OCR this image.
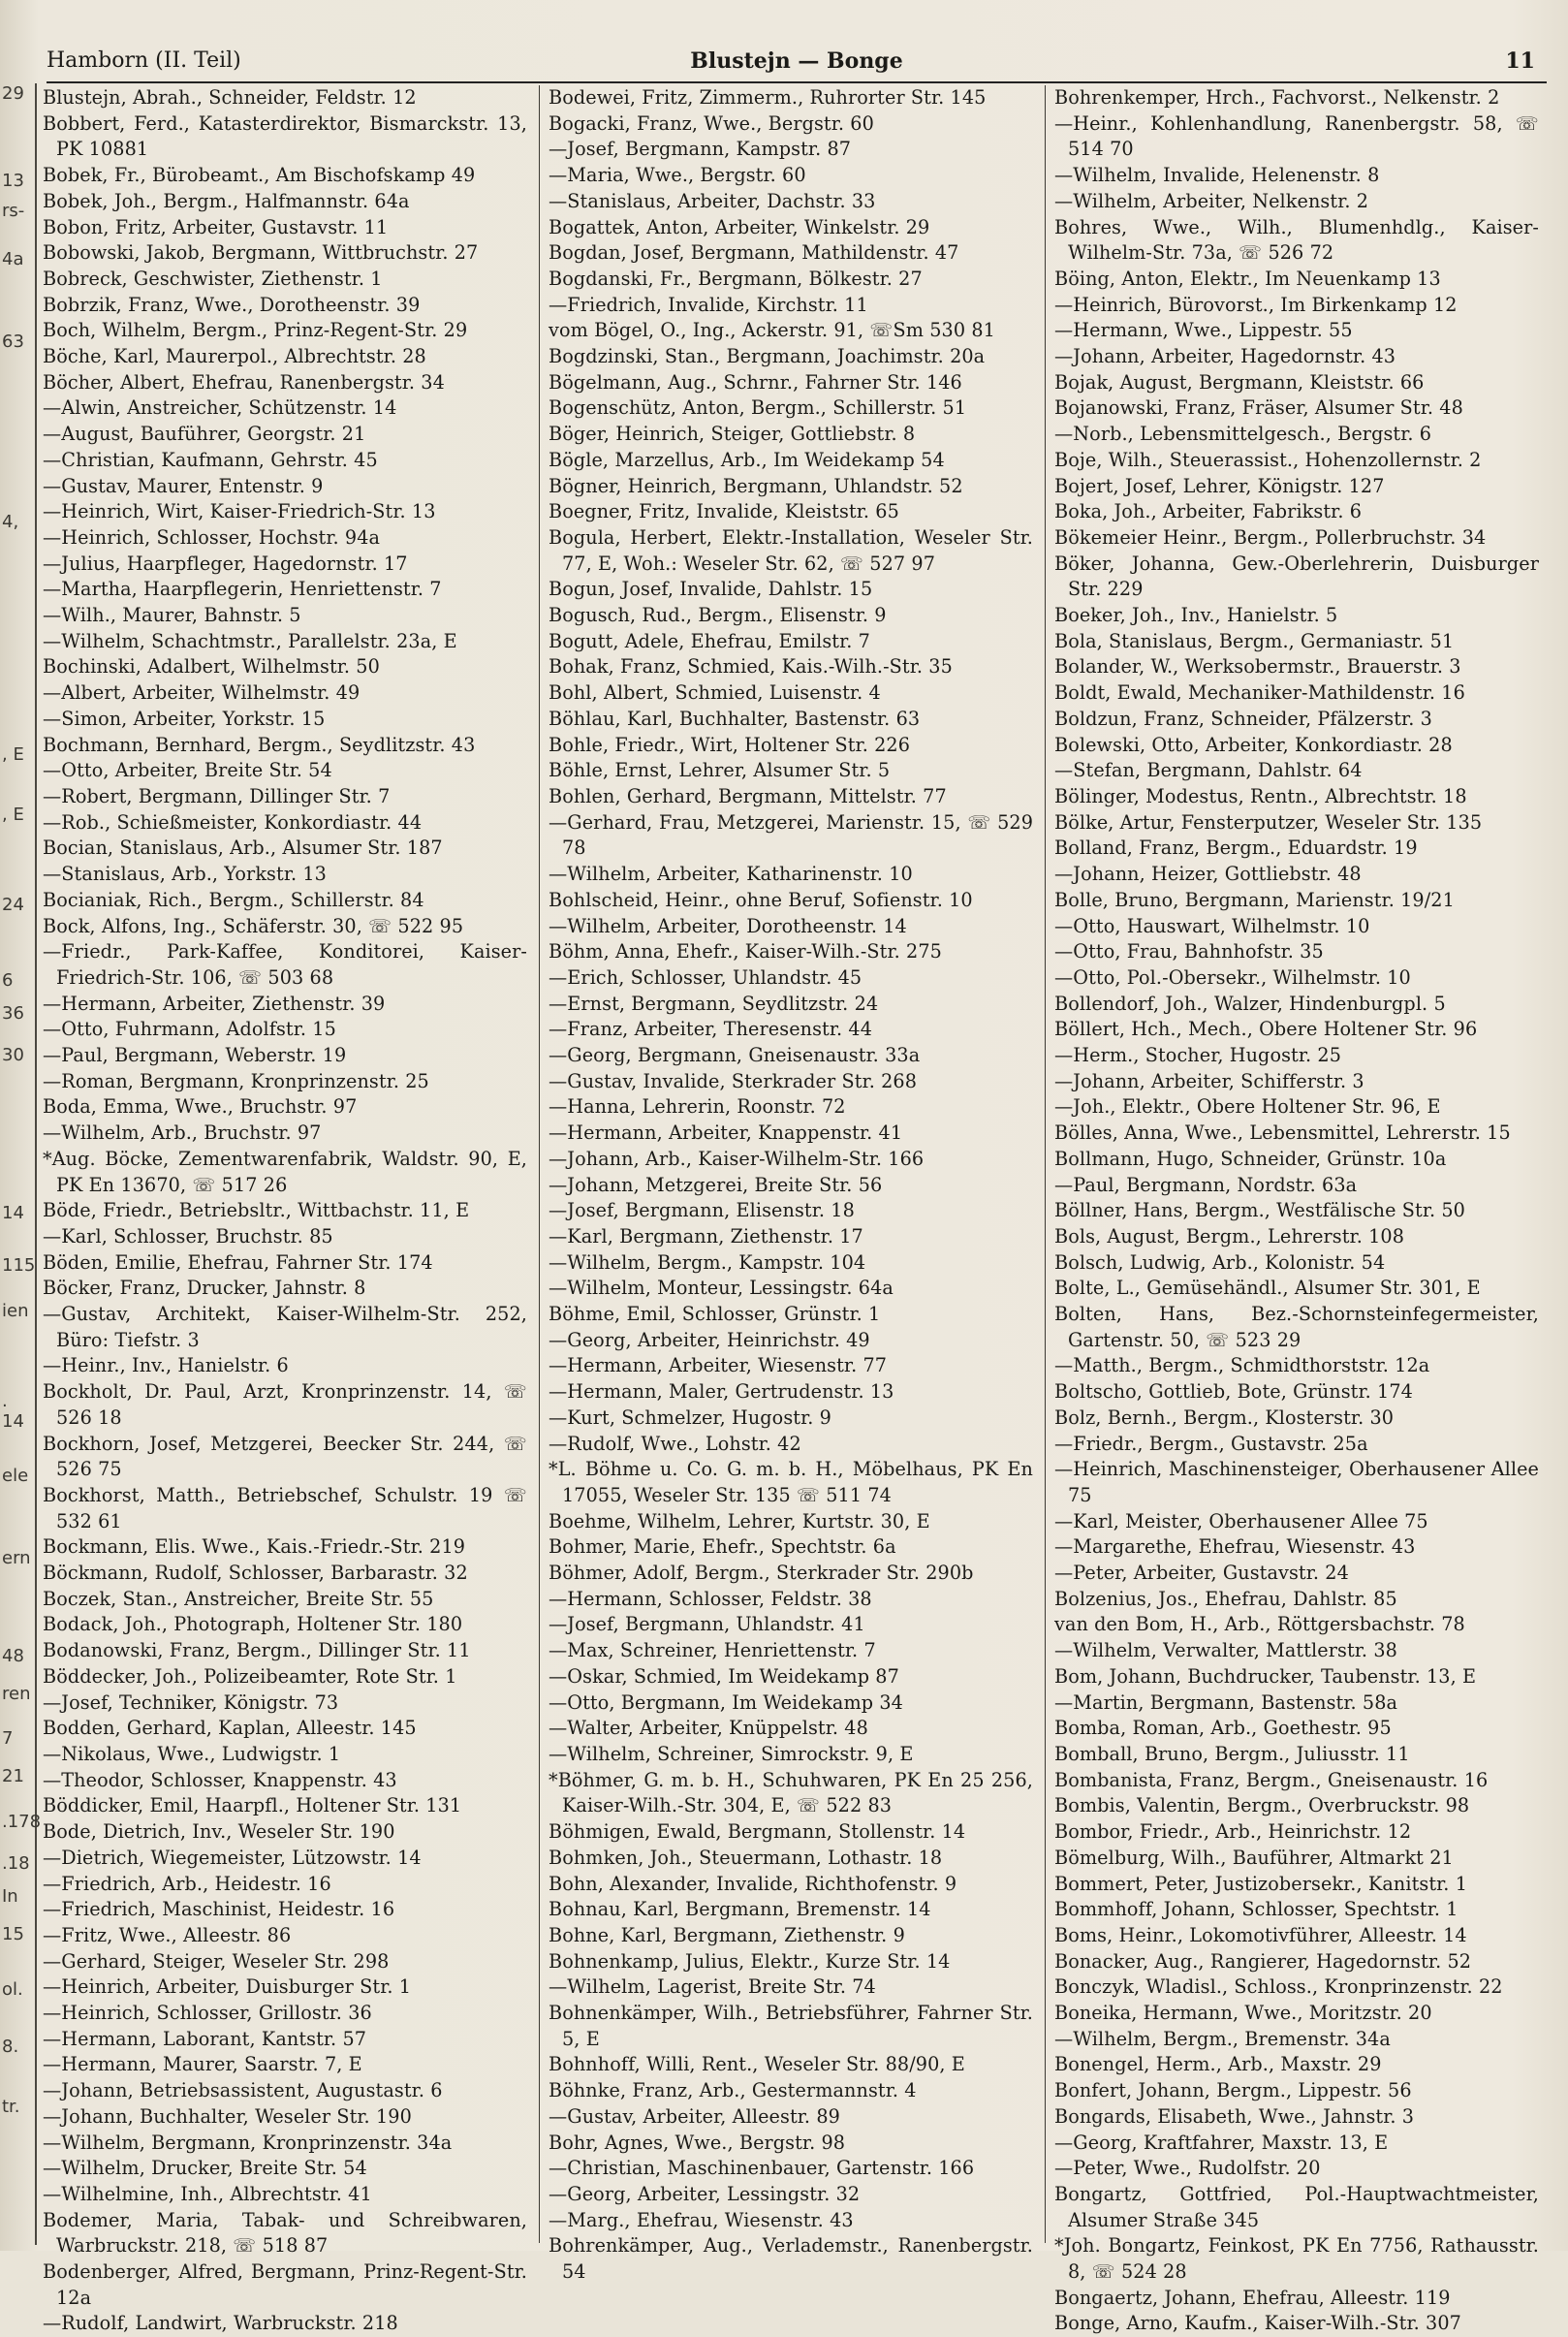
29
13
rs-
4a
63
4,
, E
, E
24
6
36
30
14
115
ien
. 14
ele
ern
48
ren
7
21
.178
.18
In
15
ol.
8.
tr.
Hamborn (II. Teil)	Blustejn — Bonge	11
Blustejn, Abrah., Schneider, Feldstr. 12
Bobbert, Ferd., Katasterdirektor, Bismarckstr. 13, PK 10881
Bobek, Fr., Bürobeamt., Am Bischofskamp 49
Bobek, Joh., Bergm., Halfmannstr. 64a
Bobon, Fritz, Arbeiter, Gustavstr. 11
Bobowski, Jakob, Bergmann, Wittbruchstr. 27
Bobreck, Geschwister, Ziethenstr. 1
Bobrzik, Franz, Wwe., Dorotheenstr. 39
Boch, Wilhelm, Bergm., Prinz-Regent-Str. 29
Böche, Karl, Maurerpol., Albrechtstr. 28
Böcher, Albert, Ehefrau, Ranenbergstr. 34
—Alwin, Anstreicher, Schützenstr. 14
—August, Bauführer, Georgstr. 21
—Christian, Kaufmann, Gehrstr. 45
—Gustav, Maurer, Entenstr. 9
—Heinrich, Wirt, Kaiser-Friedrich-Str. 13
—Heinrich, Schlosser, Hochstr. 94a
—Julius, Haarpfleger, Hagedornstr. 17
—Martha, Haarpflegerin, Henriettenstr. 7
—Wilh., Maurer, Bahnstr. 5
—Wilhelm, Schachtmstr., Parallelstr. 23a, E
Bochinski, Adalbert, Wilhelmstr. 50
—Albert, Arbeiter, Wilhelmstr. 49
—Simon, Arbeiter, Yorkstr. 15
Bochmann, Bernhard, Bergm., Seydlitzstr. 43
—Otto, Arbeiter, Breite Str. 54
—Robert, Bergmann, Dillinger Str. 7
—Rob., Schießmeister, Konkordiastr. 44
Bocian, Stanislaus, Arb., Alsumer Str. 187
—Stanislaus, Arb., Yorkstr. 13
Bocianiak, Rich., Bergm., Schillerstr. 84
Bock, Alfons, Ing., Schäferstr. 30, ☏ 522 95
—Friedr., Park-Kaffee, Konditorei, Kaiser-Friedrich-Str. 106, ☏ 503 68
—Hermann, Arbeiter, Ziethenstr. 39
—Otto, Fuhrmann, Adolfstr. 15
—Paul, Bergmann, Weberstr. 19
—Roman, Bergmann, Kronprinzenstr. 25
Boda, Emma, Wwe., Bruchstr. 97
—Wilhelm, Arb., Bruchstr. 97
*Aug. Böcke, Zementwarenfabrik, Waldstr. 90, E, PK En 13670, ☏ 517 26
Böde, Friedr., Betriebsltr., Wittbachstr. 11, E
—Karl, Schlosser, Bruchstr. 85
Böden, Emilie, Ehefrau, Fahrner Str. 174
Böcker, Franz, Drucker, Jahnstr. 8
—Gustav, Architekt, Kaiser-Wilhelm-Str. 252, Büro: Tiefstr. 3
—Heinr., Inv., Hanielstr. 6
Bockholt, Dr. Paul, Arzt, Kronprinzenstr. 14, ☏ 526 18
Bockhorn, Josef, Metzgerei, Beecker Str. 244, ☏ 526 75
Bockhorst, Matth., Betriebschef, Schulstr. 19 ☏ 532 61
Bockmann, Elis. Wwe., Kais.-Friedr.-Str. 219
Böckmann, Rudolf, Schlosser, Barbarastr. 32
Boczek, Stan., Anstreicher, Breite Str. 55
Bodack, Joh., Photograph, Holtener Str. 180
Bodanowski, Franz, Bergm., Dillinger Str. 11
Böddecker, Joh., Polizeibeamter, Rote Str. 1
—Josef, Techniker, Königstr. 73
Bodden, Gerhard, Kaplan, Alleestr. 145
—Nikolaus, Wwe., Ludwigstr. 1
—Theodor, Schlosser, Knappenstr. 43
Böddicker, Emil, Haarpfl., Holtener Str. 131
Bode, Dietrich, Inv., Weseler Str. 190
—Dietrich, Wiegemeister, Lützowstr. 14
—Friedrich, Arb., Heidestr. 16
—Friedrich, Maschinist, Heidestr. 16
—Fritz, Wwe., Alleestr. 86
—Gerhard, Steiger, Weseler Str. 298
—Heinrich, Arbeiter, Duisburger Str. 1
—Heinrich, Schlosser, Grillostr. 36
—Hermann, Laborant, Kantstr. 57
—Hermann, Maurer, Saarstr. 7, E
—Johann, Betriebsassistent, Augustastr. 6
—Johann, Buchhalter, Weseler Str. 190
—Wilhelm, Bergmann, Kronprinzenstr. 34a
—Wilhelm, Drucker, Breite Str. 54
—Wilhelmine, Inh., Albrechtstr. 41
Bodemer, Maria, Tabak- und Schreibwaren, Warbruckstr. 218, ☏ 518 87
Bodenberger, Alfred, Bergmann, Prinz-Regent-Str. 12a
—Rudolf, Landwirt, Warbruckstr. 218
Bodewei, Fritz, Zimmerm., Ruhrorter Str. 145
Bogacki, Franz, Wwe., Bergstr. 60
—Josef, Bergmann, Kampstr. 87
—Maria, Wwe., Bergstr. 60
—Stanislaus, Arbeiter, Dachstr. 33
Bogattek, Anton, Arbeiter, Winkelstr. 29
Bogdan, Josef, Bergmann, Mathildenstr. 47
Bogdanski, Fr., Bergmann, Bölkestr. 27
—Friedrich, Invalide, Kirchstr. 11
vom Bögel, O., Ing., Ackerstr. 91, ☏Sm 530 81
Bogdzinski, Stan., Bergmann, Joachimstr. 20a
Bögelmann, Aug., Schrnr., Fahrner Str. 146
Bogenschütz, Anton, Bergm., Schillerstr. 51
Böger, Heinrich, Steiger, Gottliebstr. 8
Bögle, Marzellus, Arb., Im Weidekamp 54
Bögner, Heinrich, Bergmann, Uhlandstr. 52
Boegner, Fritz, Invalide, Kleiststr. 65
Bogula, Herbert, Elektr.-Installation, Weseler Str. 77, E, Woh.: Weseler Str. 62, ☏ 527 97
Bogun, Josef, Invalide, Dahlstr. 15
Bogusch, Rud., Bergm., Elisenstr. 9
Bogutt, Adele, Ehefrau, Emilstr. 7
Bohak, Franz, Schmied, Kais.-Wilh.-Str. 35
Bohl, Albert, Schmied, Luisenstr. 4
Böhlau, Karl, Buchhalter, Bastenstr. 63
Bohle, Friedr., Wirt, Holtener Str. 226
Böhle, Ernst, Lehrer, Alsumer Str. 5
Bohlen, Gerhard, Bergmann, Mittelstr. 77
—Gerhard, Frau, Metzgerei, Marienstr. 15, ☏ 529 78
—Wilhelm, Arbeiter, Katharinenstr. 10
Bohlscheid, Heinr., ohne Beruf, Sofienstr. 10
—Wilhelm, Arbeiter, Dorotheenstr. 14
Böhm, Anna, Ehefr., Kaiser-Wilh.-Str. 275
—Erich, Schlosser, Uhlandstr. 45
—Ernst, Bergmann, Seydlitzstr. 24
—Franz, Arbeiter, Theresenstr. 44
—Georg, Bergmann, Gneisenaustr. 33a
—Gustav, Invalide, Sterkrader Str. 268
—Hanna, Lehrerin, Roonstr. 72
—Hermann, Arbeiter, Knappenstr. 41
—Johann, Arb., Kaiser-Wilhelm-Str. 166
—Johann, Metzgerei, Breite Str. 56
—Josef, Bergmann, Elisenstr. 18
—Karl, Bergmann, Ziethenstr. 17
—Wilhelm, Bergm., Kampstr. 104
—Wilhelm, Monteur, Lessingstr. 64a
Böhme, Emil, Schlosser, Grünstr. 1
—Georg, Arbeiter, Heinrichstr. 49
—Hermann, Arbeiter, Wiesenstr. 77
—Hermann, Maler, Gertrudenstr. 13
—Kurt, Schmelzer, Hugostr. 9
—Rudolf, Wwe., Lohstr. 42
*L. Böhme u. Co. G. m. b. H., Möbelhaus, PK En 17055, Weseler Str. 135 ☏ 511 74
Boehme, Wilhelm, Lehrer, Kurtstr. 30, E
Bohmer, Marie, Ehefr., Spechtstr. 6a
Böhmer, Adolf, Bergm., Sterkrader Str. 290b
—Hermann, Schlosser, Feldstr. 38
—Josef, Bergmann, Uhlandstr. 41
—Max, Schreiner, Henriettenstr. 7
—Oskar, Schmied, Im Weidekamp 87
—Otto, Bergmann, Im Weidekamp 34
—Walter, Arbeiter, Knüppelstr. 48
—Wilhelm, Schreiner, Simrockstr. 9, E
*Böhmer, G. m. b. H., Schuhwaren, PK En 25 256, Kaiser-Wilh.-Str. 304, E, ☏ 522 83
Böhmigen, Ewald, Bergmann, Stollenstr. 14
Bohmken, Joh., Steuermann, Lothastr. 18
Bohn, Alexander, Invalide, Richthofenstr. 9
Bohnau, Karl, Bergmann, Bremenstr. 14
Bohne, Karl, Bergmann, Ziethenstr. 9
Bohnenkamp, Julius, Elektr., Kurze Str. 14
—Wilhelm, Lagerist, Breite Str. 74
Bohnenkämper, Wilh., Betriebsführer, Fahrner Str. 5, E
Bohnhoff, Willi, Rent., Weseler Str. 88/90, E
Böhnke, Franz, Arb., Gestermannstr. 4
—Gustav, Arbeiter, Alleestr. 89
Bohr, Agnes, Wwe., Bergstr. 98
—Christian, Maschinenbauer, Gartenstr. 166
—Georg, Arbeiter, Lessingstr. 32
—Marg., Ehefrau, Wiesenstr. 43
Bohrenkämper, Aug., Verlademstr., Ranenbergstr. 54
Bohrenkemper, Hrch., Fachvorst., Nelkenstr. 2
—Heinr., Kohlenhandlung, Ranenbergstr. 58, ☏ 514 70
—Wilhelm, Invalide, Helenenstr. 8
—Wilhelm, Arbeiter, Nelkenstr. 2
Bohres, Wwe., Wilh., Blumenhdlg., Kaiser-Wilhelm-Str. 73a, ☏ 526 72
Böing, Anton, Elektr., Im Neuenkamp 13
—Heinrich, Bürovorst., Im Birkenkamp 12
—Hermann, Wwe., Lippestr. 55
—Johann, Arbeiter, Hagedornstr. 43
Bojak, August, Bergmann, Kleiststr. 66
Bojanowski, Franz, Fräser, Alsumer Str. 48
—Norb., Lebensmittelgesch., Bergstr. 6
Boje, Wilh., Steuerassist., Hohenzollernstr. 2
Bojert, Josef, Lehrer, Königstr. 127
Boka, Joh., Arbeiter, Fabrikstr. 6
Bökemeier Heinr., Bergm., Pollerbruchstr. 34
Böker, Johanna, Gew.-Oberlehrerin, Duisburger Str. 229
Boeker, Joh., Inv., Hanielstr. 5
Bola, Stanislaus, Bergm., Germaniastr. 51
Bolander, W., Werksobermstr., Brauerstr. 3
Boldt, Ewald, Mechaniker-Mathildenstr. 16
Boldzun, Franz, Schneider, Pfälzerstr. 3
Bolewski, Otto, Arbeiter, Konkordiastr. 28
—Stefan, Bergmann, Dahlstr. 64
Bölinger, Modestus, Rentn., Albrechtstr. 18
Bölke, Artur, Fensterputzer, Weseler Str. 135
Bolland, Franz, Bergm., Eduardstr. 19
—Johann, Heizer, Gottliebstr. 48
Bolle, Bruno, Bergmann, Marienstr. 19/21
—Otto, Hauswart, Wilhelmstr. 10
—Otto, Frau, Bahnhofstr. 35
—Otto, Pol.-Obersekr., Wilhelmstr. 10
Bollendorf, Joh., Walzer, Hindenburgpl. 5
Böllert, Hch., Mech., Obere Holtener Str. 96
—Herm., Stocher, Hugostr. 25
—Johann, Arbeiter, Schifferstr. 3
—Joh., Elektr., Obere Holtener Str. 96, E
Bölles, Anna, Wwe., Lebensmittel, Lehrerstr. 15
Bollmann, Hugo, Schneider, Grünstr. 10a
—Paul, Bergmann, Nordstr. 63a
Böllner, Hans, Bergm., Westfälische Str. 50
Bols, August, Bergm., Lehrerstr. 108
Bolsch, Ludwig, Arb., Kolonistr. 54
Bolte, L., Gemüsehändl., Alsumer Str. 301, E
Bolten, Hans, Bez.-Schornsteinfegermeister, Gartenstr. 50, ☏ 523 29
—Matth., Bergm., Schmidthorststr. 12a
Boltscho, Gottlieb, Bote, Grünstr. 174
Bolz, Bernh., Bergm., Klosterstr. 30
—Friedr., Bergm., Gustavstr. 25a
—Heinrich, Maschinensteiger, Oberhausener Allee 75
—Karl, Meister, Oberhausener Allee 75
—Margarethe, Ehefrau, Wiesenstr. 43
—Peter, Arbeiter, Gustavstr. 24
Bolzenius, Jos., Ehefrau, Dahlstr. 85
van den Bom, H., Arb., Röttgersbachstr. 78
—Wilhelm, Verwalter, Mattlerstr. 38
Bom, Johann, Buchdrucker, Taubenstr. 13, E
—Martin, Bergmann, Bastenstr. 58a
Bomba, Roman, Arb., Goethestr. 95
Bomball, Bruno, Bergm., Juliusstr. 11
Bombanista, Franz, Bergm., Gneisenaustr. 16
Bombis, Valentin, Bergm., Overbruckstr. 98
Bombor, Friedr., Arb., Heinrichstr. 12
Bömelburg, Wilh., Bauführer, Altmarkt 21
Bommert, Peter, Justizobersekr., Kanitstr. 1
Bommhoff, Johann, Schlosser, Spechtstr. 1
Boms, Heinr., Lokomotivführer, Alleestr. 14
Bonacker, Aug., Rangierer, Hagedornstr. 52
Bonczyk, Wladisl., Schloss., Kronprinzenstr. 22
Boneika, Hermann, Wwe., Moritzstr. 20
—Wilhelm, Bergm., Bremenstr. 34a
Bonengel, Herm., Arb., Maxstr. 29
Bonfert, Johann, Bergm., Lippestr. 56
Bongards, Elisabeth, Wwe., Jahnstr. 3
—Georg, Kraftfahrer, Maxstr. 13, E
—Peter, Wwe., Rudolfstr. 20
Bongartz, Gottfried, Pol.-Hauptwachtmeister, Alsumer Straße 345
*Joh. Bongartz, Feinkost, PK En 7756, Rathausstr. 8, ☏ 524 28
Bongaertz, Johann, Ehefrau, Alleestr. 119
Bonge, Arno, Kaufm., Kaiser-Wilh.-Str. 307
